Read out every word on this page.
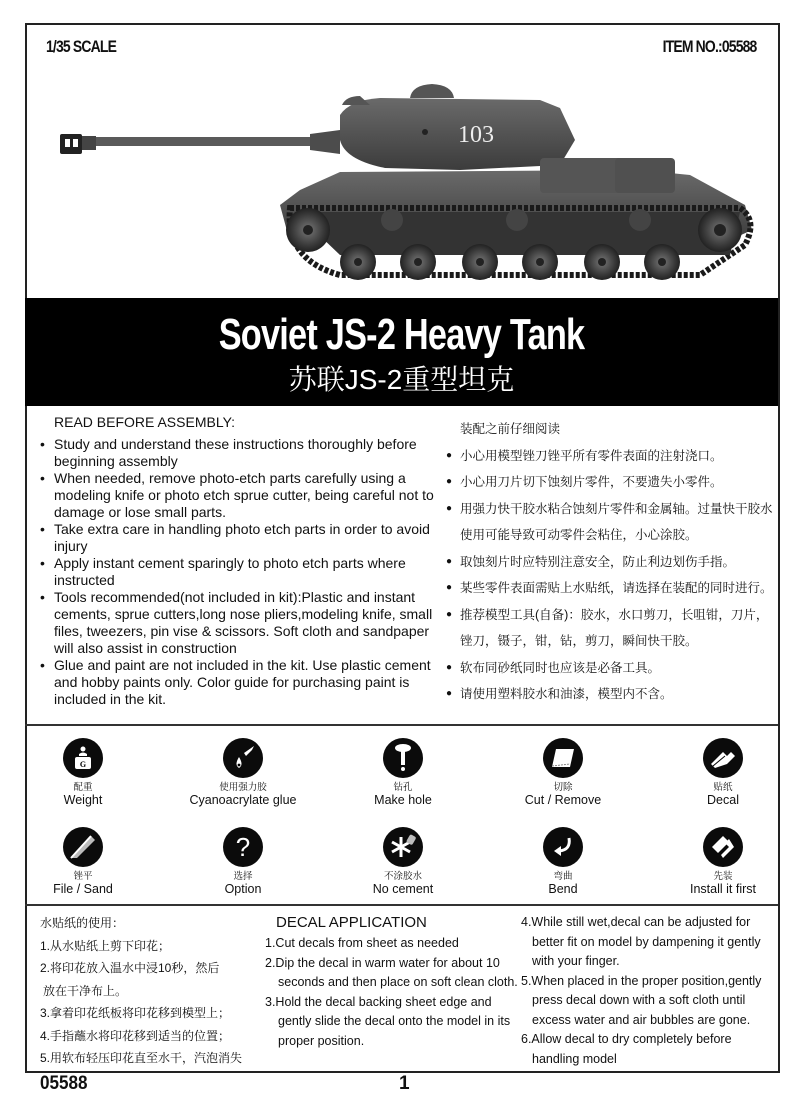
1/35 SCALE	ITEM NO.:05588
103
Soviet JS-2 Heavy Tank
苏联JS-2重型坦克
READ BEFORE ASSEMBLY:
• Study and understand these instructions thoroughly before beginning assembly
• When needed, remove photo-etch parts carefully using a modeling knife or photo etch sprue cutter, being careful not to damage or lose small parts.
• Take extra care in handling photo etch parts in order to avoid injury
• Apply instant cement sparingly to photo etch parts where instructed
• Tools recommended(not included in kit):Plastic and instant cements, sprue cutters,long nose pliers,modeling knife, small files, tweezers, pin vise & scissors. Soft cloth and sandpaper will also assist in construction
• Glue and paint are not included in the kit. Use plastic cement and hobby paints only. Color guide for purchasing paint is included in the kit.
装配之前仔细阅读
● 小心用模型锉刀锉平所有零件表面的注射浇口。
● 小心用刀片切下蚀刻片零件，不要遗失小零件。
● 用强力快干胶水粘合蚀刻片零件和金属轴。过量快干胶水使用可能导致可动零件会粘住，小心涂胶。
● 取蚀刻片时应特别注意安全，防止利边划伤手指。
● 某些零件表面需贴上水贴纸，请选择在装配的同时进行。
● 推荐模型工具(自备)：胶水，水口剪刀，长咀钳，刀片，锉刀，镊子，钳，钻，剪刀，瞬间快干胶。
● 软布同砂纸同时也应该是必备工具。
● 请使用塑料胶水和油漆，模型内不含。
G
配重
Weight
使用强力胶
Cyanoacrylate glue
钻孔
Make hole
切除
Cut / Remove
贴纸
Decal
锉平
File / Sand
?
选择
Option
不涂胶水
No cement
弯曲
Bend
先装
Install it first
水贴纸的使用：
1.从水贴纸上剪下印花；
2.将印花放入温水中浸10秒，然后
放在干净布上。
3.拿着印花纸板将印花移到模型上；
4.手指蘸水将印花移到适当的位置；
5.用软布轻压印花直至水干，汽泡消失
DECAL APPLICATION
1.Cut decals from sheet as needed
2.Dip the decal in warm water for about 10 seconds and then place on soft clean cloth.
3.Hold the decal backing sheet edge and gently slide the decal onto the model in its proper position.
4.While still wet,decal can be adjusted for better fit on model by dampening it gently with your finger.
5.When placed in the proper position,gently press decal down with a soft cloth until excess water and air bubbles are gone.
6.Allow decal to dry completely before handling model
05588	1
